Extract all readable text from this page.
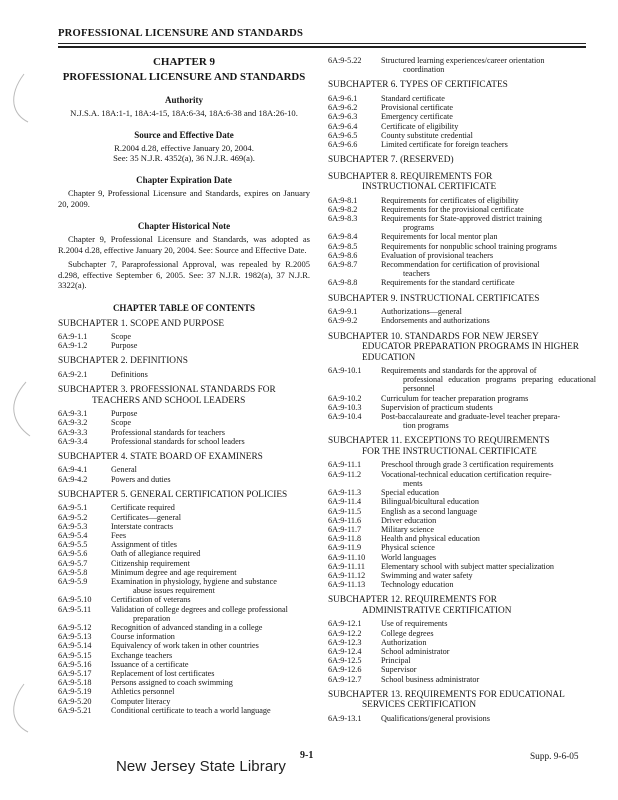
PROFESSIONAL LICENSURE AND STANDARDS
CHAPTER 9
PROFESSIONAL LICENSURE AND STANDARDS
Authority
N.J.S.A. 18A:1-1, 18A:4-15, 18A:6-34, 18A:6-38 and 18A:26-10.
Source and Effective Date
R.2004 d.28, effective January 20, 2004.
See: 35 N.J.R. 4352(a), 36 N.J.R. 469(a).
Chapter Expiration Date
Chapter 9, Professional Licensure and Standards, expires on January 20, 2009.
Chapter Historical Note
Chapter 9, Professional Licensure and Standards, was adopted as R.2004 d.28, effective January 20, 2004. See: Source and Effective Date.
Subchapter 7, Paraprofessional Approval, was repealed by R.2005 d.298, effective September 6, 2005. See: 37 N.J.R. 1982(a), 37 N.J.R. 3322(a).
CHAPTER TABLE OF CONTENTS
SUBCHAPTER 1. SCOPE AND PURPOSE
6A:9-1.1	Scope
6A:9-1.2	Purpose
SUBCHAPTER 2. DEFINITIONS
6A:9-2.1	Definitions
SUBCHAPTER 3. PROFESSIONAL STANDARDS FOR
TEACHERS AND SCHOOL LEADERS
6A:9-3.1	Purpose
6A:9-3.2	Scope
6A:9-3.3	Professional standards for teachers
6A:9-3.4	Professional standards for school leaders
SUBCHAPTER 4. STATE BOARD OF EXAMINERS
6A:9-4.1	General
6A:9-4.2	Powers and duties
SUBCHAPTER 5. GENERAL CERTIFICATION POLICIES
6A:9-5.1	Certificate required
6A:9-5.2	Certificates—general
6A:9-5.3	Interstate contracts
6A:9-5.4	Fees
6A:9-5.5	Assignment of titles
6A:9-5.6	Oath of allegiance required
6A:9-5.7	Citizenship requirement
6A:9-5.8	Minimum degree and age requirement
6A:9-5.9	Examination in physiology, hygiene and substance
abuse issues requirement
6A:9-5.10	Certification of veterans
6A:9-5.11	Validation of college degrees and college professional
preparation
6A:9-5.12	Recognition of advanced standing in a college
6A:9-5.13	Course information
6A:9-5.14	Equivalency of work taken in other countries
6A:9-5.15	Exchange teachers
6A:9-5.16	Issuance of a certificate
6A:9-5.17	Replacement of lost certificates
6A:9-5.18	Persons assigned to coach swimming
6A:9-5.19	Athletics personnel
6A:9-5.20	Computer literacy
6A:9-5.21	Conditional certificate to teach a world language
6A:9-5.22	Structured learning experiences/career orientation
coordination
SUBCHAPTER 6. TYPES OF CERTIFICATES
6A:9-6.1	Standard certificate
6A:9-6.2	Provisional certificate
6A:9-6.3	Emergency certificate
6A:9-6.4	Certificate of eligibility
6A:9-6.5	County substitute credential
6A:9-6.6	Limited certificate for foreign teachers
SUBCHAPTER 7. (RESERVED)
SUBCHAPTER 8. REQUIREMENTS FOR
INSTRUCTIONAL CERTIFICATE
6A:9-8.1	Requirements for certificates of eligibility
6A:9-8.2	Requirements for the provisional certificate
6A:9-8.3	Requirements for State-approved district training
programs
6A:9-8.4	Requirements for local mentor plan
6A:9-8.5	Requirements for nonpublic school training programs
6A:9-8.6	Evaluation of provisional teachers
6A:9-8.7	Recommendation for certification of provisional
teachers
6A:9-8.8	Requirements for the standard certificate
SUBCHAPTER 9. INSTRUCTIONAL CERTIFICATES
6A:9-9.1	Authorizations—general
6A:9-9.2	Endorsements and authorizations
SUBCHAPTER 10. STANDARDS FOR NEW JERSEY
EDUCATOR PREPARATION PROGRAMS IN HIGHER EDUCATION
6A:9-10.1	Requirements and standards for the approval of
professional education programs preparing educational personnel
6A:9-10.2	Curriculum for teacher preparation programs
6A:9-10.3	Supervision of practicum students
6A:9-10.4	Post-baccalaureate and graduate-level teacher prepara-
tion programs
SUBCHAPTER 11. EXCEPTIONS TO REQUIREMENTS
FOR THE INSTRUCTIONAL CERTIFICATE
6A:9-11.1	Preschool through grade 3 certification requirements
6A:9-11.2	Vocational-technical education certification require-
ments
6A:9-11.3	Special education
6A:9-11.4	Bilingual/bicultural education
6A:9-11.5	English as a second language
6A:9-11.6	Driver education
6A:9-11.7	Military science
6A:9-11.8	Health and physical education
6A:9-11.9	Physical science
6A:9-11.10	World languages
6A:9-11.11	Elementary school with subject matter specialization
6A:9-11.12	Swimming and water safety
6A:9-11.13	Technology education
SUBCHAPTER 12. REQUIREMENTS FOR
ADMINISTRATIVE CERTIFICATION
6A:9-12.1	Use of requirements
6A:9-12.2	College degrees
6A:9-12.3	Authorization
6A:9-12.4	School administrator
6A:9-12.5	Principal
6A:9-12.6	Supervisor
6A:9-12.7	School business administrator
SUBCHAPTER 13. REQUIREMENTS FOR EDUCATIONAL
SERVICES CERTIFICATION
6A:9-13.1	Qualifications/general provisions
9-1	Supp. 9-6-05
New Jersey State Library
